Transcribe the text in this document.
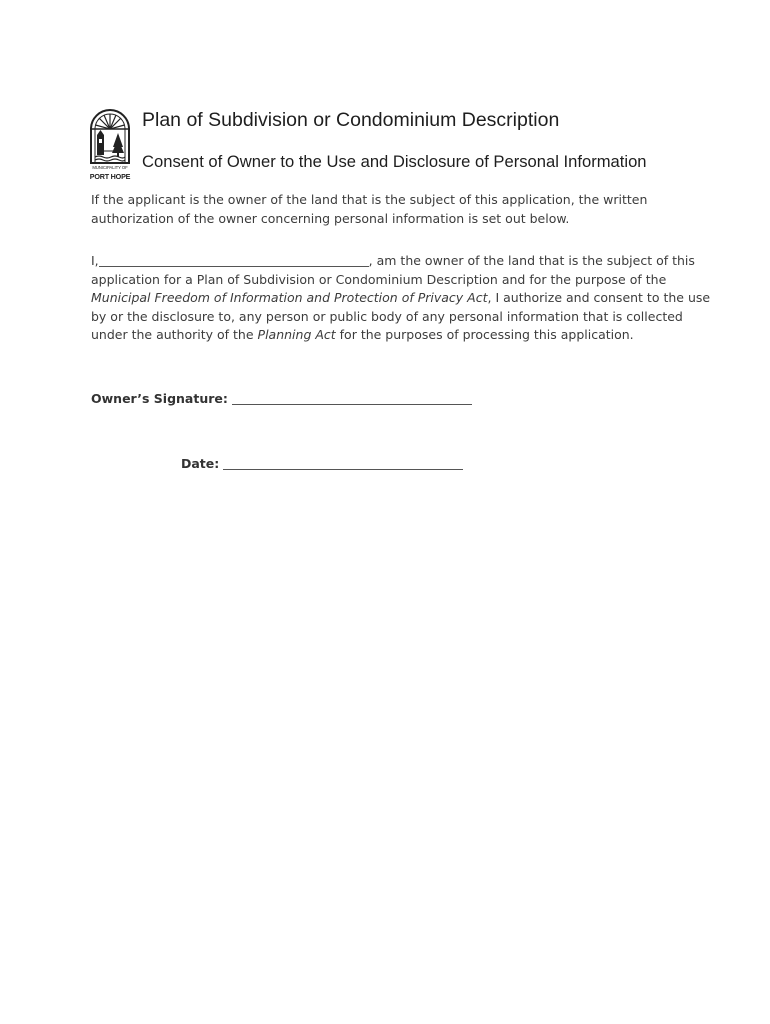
MUNICIPALITY OF
PORT HOPE
Plan of Subdivision or Condominium Description
Consent of Owner to the Use and Disclosure of Personal Information

If the applicant is the owner of the land that is the subject of this application, the written
authorization of the owner concerning personal information is set out below.

I,	, am the owner of the land that is the subject of this
application for a Plan of Subdivision or Condominium Description and for the purpose of the
Municipal Freedom of Information and Protection of Privacy Act, I authorize and consent to the use
by or the disclosure to, any person or public body of any personal information that is collected
under the authority of the Planning Act for the purposes of processing this application.

Owner’s Signature:
Date:
